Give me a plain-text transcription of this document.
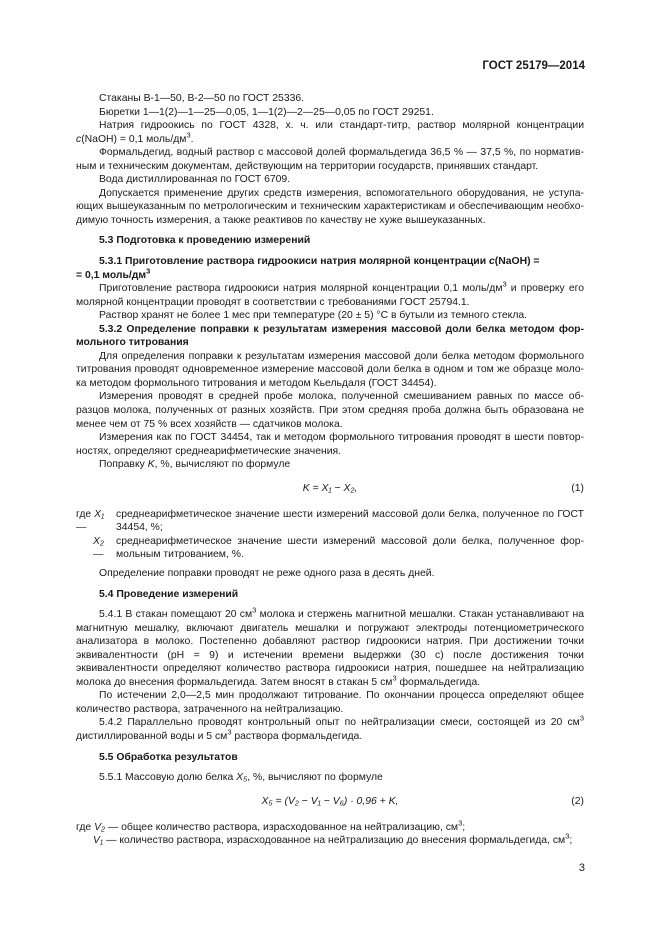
ГОСТ 25179—2014

Стаканы В-1—50, В-2—50 по ГОСТ 25336.

Бюретки 1—1(2)—1—25—0,05, 1—1(2)—2—25—0,05 по ГОСТ 29251.

Натрия гидроокись по ГОСТ 4328, х. ч. или стандарт-титр, раствор молярной концентрации c(NaOH) = 0,1 моль/$дм^3$.

Формальдегид, водный раствор с массовой долей формальдегида 36,5 % — 37,5 %, по нормативным и техническим документам, действующим на территории государств, принявших стандарт.

Вода дистиллированная по ГОСТ 6709.

Допускается применение других средств измерения, вспомогательного оборудования, не уступающих вышеуказанным по метрологическим и техническим характеристикам и обеспечивающим необходимую точность измерения, а также реактивов по качеству не хуже вышеуказанных.

5.3 Подготовка к проведению измерений

5.3.1 Приготовление раствора гидроокиси натрия молярной концентрации c(NaOH) =

= 0,1 моль/$дм^3$

Приготовление раствора гидроокиси натрия молярной концентрации 0,1 моль/$дм^3$ и проверку его молярной концентрации проводят в соответствии с требованиями ГОСТ 25794.1.

Раствор хранят не более 1 мес при температуре (20 ± 5) °С в бутыли из темного стекла.

5.3.2 Определение поправки к результатам измерения массовой доли белка методом формольного титрования

Для определения поправки к результатам измерения массовой доли белка методом формольного титрования проводят одновременное измерение массовой доли белка в одном и том же образце молока методом формольного титрования и методом Кьельдаля (ГОСТ 34454).

Измерения проводят в средней пробе молока, полученной смешиванием равных по массе образцов молока, полученных от разных хозяйств. При этом средняя проба должна быть образована не менее чем от 75 % всех хозяйств — сдатчиков молока.

Измерения как по ГОСТ 34454, так и методом формольного титрования проводят в шести повторностях, определяют среднеарифметические значения.

Поправку K, %, вычисляют по формуле

K = X₁ − X₂,	(1)
где X₁ —
среднеарифметическое значение шести измерений массовой доли белка, полученное по ГОСТ 34454, %;
X₂ —
среднеарифметическое значение шести измерений массовой доли белка, полученное формольным титрованием, %.

Определение поправки проводят не реже одного раза в десять дней.

5.4 Проведение измерений

5.4.1 В стакан помещают 20 $см^3$ молока и стержень магнитной мешалки. Стакан устанавливают на магнитную мешалку, включают двигатель мешалки и погружают электроды потенциометрического анализатора в молоко. Постепенно добавляют раствор гидроокиси натрия. При достижении точки эквивалентности (pH = 9) и истечении времени выдержки (30 с) после достижения точки эквивалентности определяют количество раствора гидроокиси натрия, пошедшее на нейтрализацию молока до внесения формальдегида. Затем вносят в стакан 5 $см^3$ формальдегида.

По истечении 2,0—2,5 мин продолжают титрование. По окончании процесса определяют общее количество раствора, затраченного на нейтрализацию.

5.4.2 Параллельно проводят контрольный опыт по нейтрализации смеси, состоящей из 20 $см^3$ дистиллированной воды и 5 $см^3$ раствора формальдегида.

5.5 Обработка результатов

5.5.1 Массовую долю белка X₅, %, вычисляют по формуле

X₅ = (V₂ − V₁ − V₆) · 0,96 + K,	(2)

где V₂ — общее количество раствора, израсходованное на нейтрализацию, $см^3$;

V₁ — количество раствора, израсходованное на нейтрализацию до внесения формальдегида, $см^3$;

3
